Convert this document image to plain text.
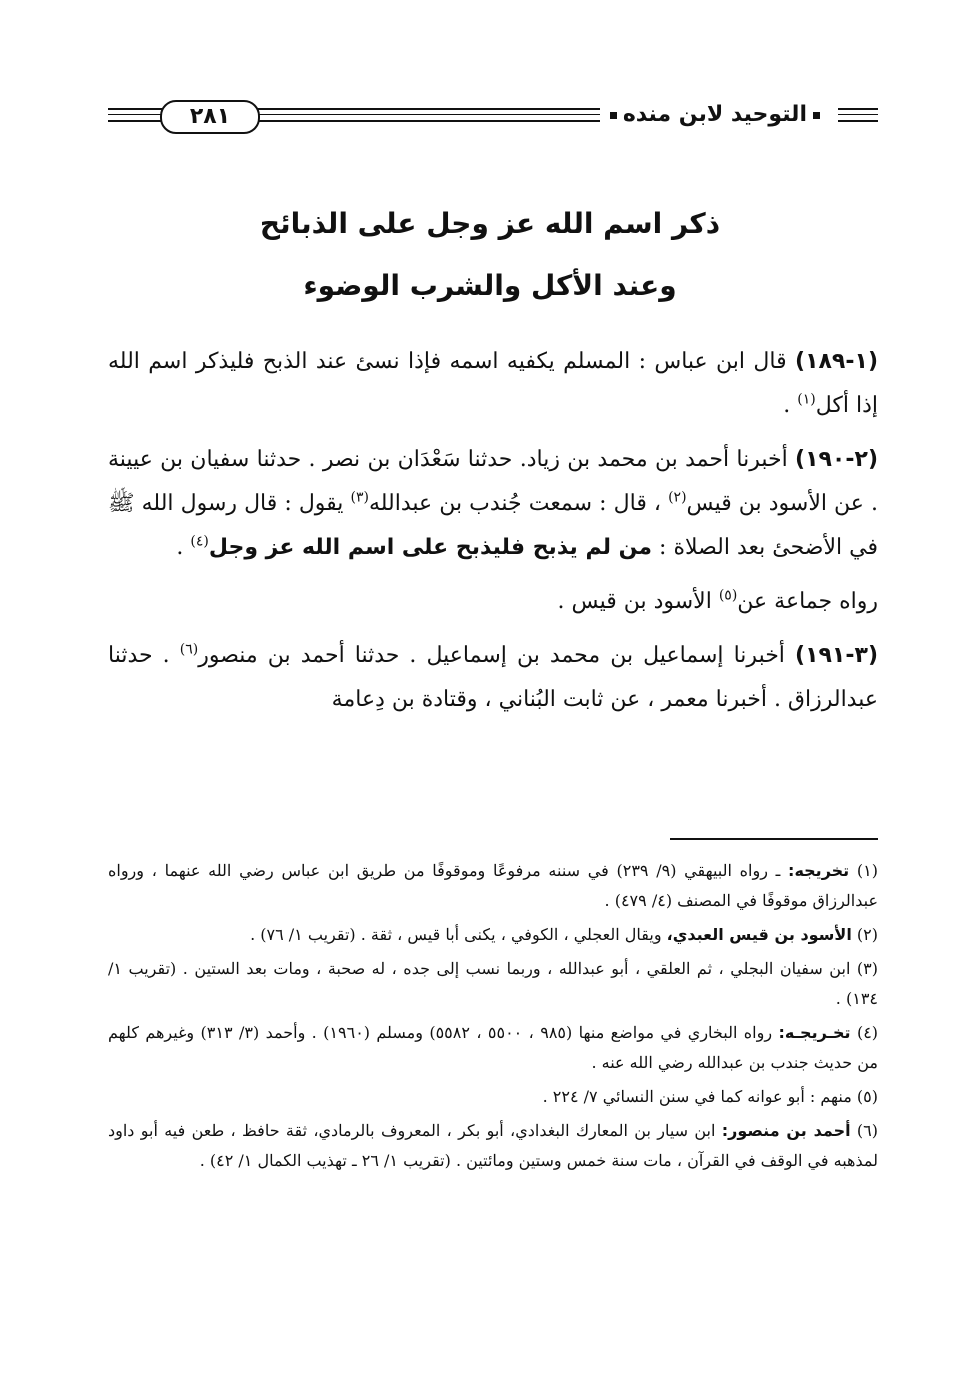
٢٨١	التوحيد لابن منده
ذكر اسم الله عز وجل على الذبائح
وعند الأكل والشرب الوضوء

(١-١٨٩) قال ابن عباس : المسلم يكفيه اسمه فإذا نسئ عند الذبح فليذكر اسم الله إذا أكل$^{(١)}$ .

(٢-١٩٠) أخبرنا أحمد بن محمد بن زياد. حدثنا سَعْدَان بن نصر . حدثنا سفيان بن عيينة . عن الأسود بن قيس$^{(٢)}$ ، قال : سمعت جُندب بن عبدالله$^{(٣)}$ يقول : قال رسول الله ﷺ في الأضحئ بعد الصلاة : من لم يذبح فليذبح على اسم الله عز وجل$^{(٤)}$ .

رواه جماعة عن$^{(٥)}$ الأسود بن قيس .

(٣-١٩١) أخبرنا إسماعيل بن محمد بن إسماعيل . حدثنا أحمد بن منصور$^{(٦)}$ . حدثنا عبدالرزاق . أخبرنا معمر ، عن ثابت البُناني ، وقتادة بن دِعامة

(١) تخريجه: ـ رواه البيهقي (٩/ ٢٣٩) في سننه مرفوعًا وموقوفًا من طريق ابن عباس رضي الله عنهما ، ورواه عبدالرزاق موقوفًا في المصنف (٤/ ٤٧٩) .

(٢) الأسود بن قيس العبدي، ويقال العجلي ، الكوفي ، يكنى أبا قيس ، ثقة . (تقريب ١/ ٧٦) .

(٣) ابن سفيان البجلي ، ثم العلقي ، أبو عبدالله ، وربما نسب إلى جده ، له صحبة ، ومات بعد الستين . (تقريب ١/ ١٣٤) .

(٤) تخـريجـه: رواه البخاري في مواضع منها (٩٨٥ ، ٥٥٠٠ ، ٥٥٨٢) ومسلم (١٩٦٠) . وأحمد (٣/ ٣١٣) وغيرهم كلهم من حديث جندب بن عبدالله رضي الله عنه .

(٥) منهم : أبو عوانه كما في سنن النسائي ٧/ ٢٢٤ .

(٦) أحمد بن منصور: ابن سيار بن المعارك البغدادي، أبو بكر ، المعروف بالرمادي، ثقة حافظ ، طعن فيه أبو داود لمذهبه في الوقف في القرآن ، مات سنة خمس وستين ومائتين . (تقريب ١/ ٢٦ ـ تهذيب الكمال ١/ ٤٢) .
